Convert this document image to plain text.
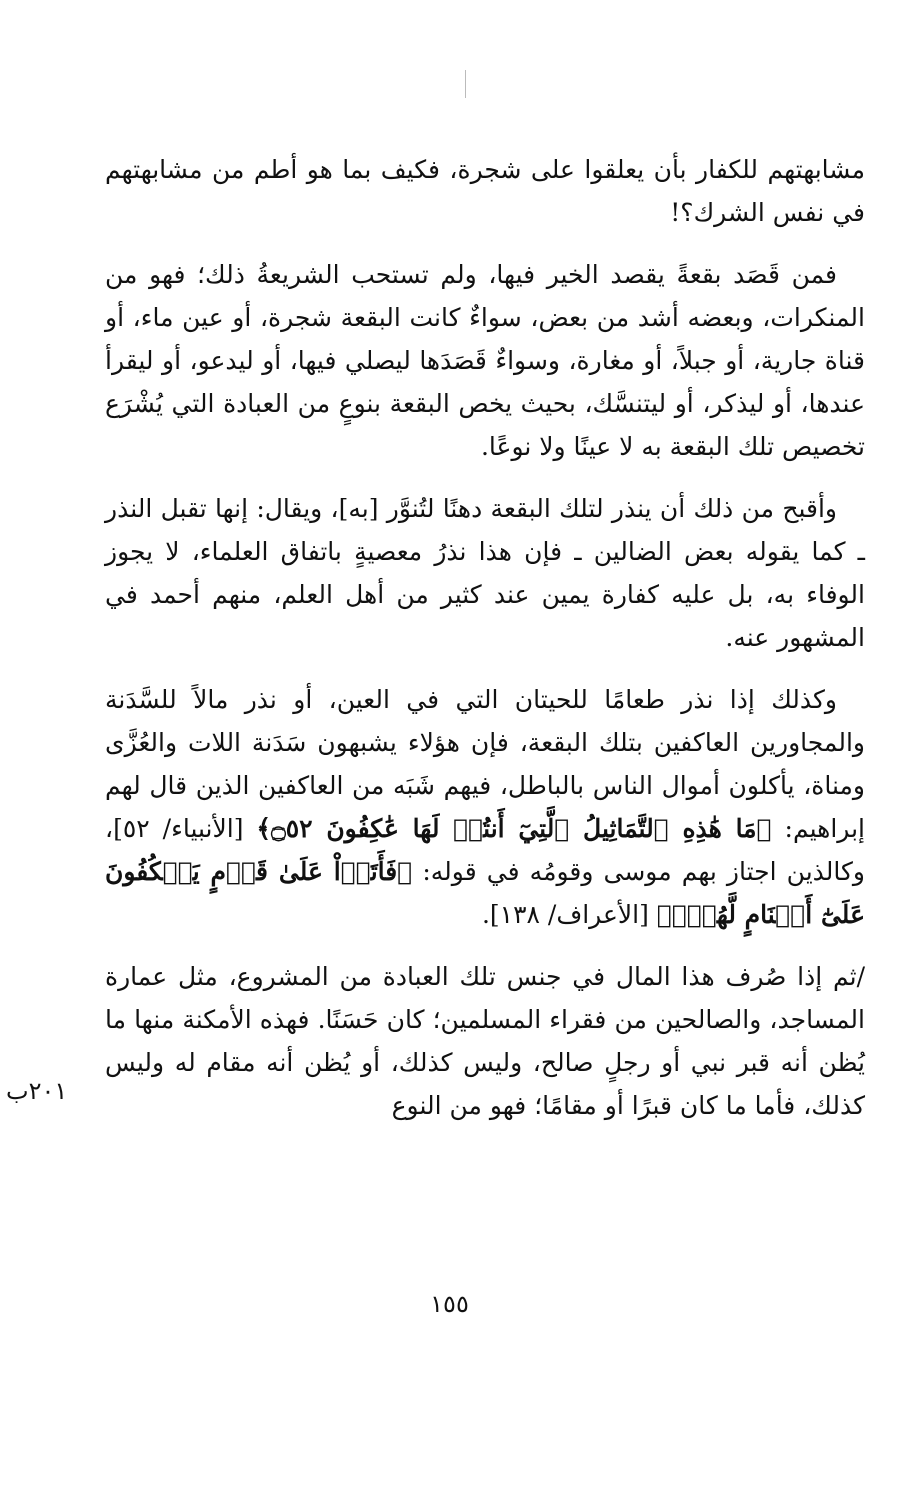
مشابهتهم للكفار بأن يعلقوا على شجرة، فكيف بما هو أطم من مشابهتهم في نفس الشرك؟!

فمن قَصَد بقعةً يقصد الخير فيها، ولم تستحب الشريعةُ ذلك؛ فهو من المنكرات، وبعضه أشد من بعض، سواءٌ كانت البقعة شجرة، أو عين ماء، أو قناة جارية، أو جبلاً، أو مغارة، وسواءٌ قَصَدَها ليصلي فيها، أو ليدعو، أو ليقرأ عندها، أو ليذكر، أو ليتنسَّك، بحيث يخص البقعة بنوعٍ من العبادة التي يُشْرَع تخصيص تلك البقعة به لا عينًا ولا نوعًا.

وأقبح من ذلك أن ينذر لتلك البقعة دهنًا لتُنوَّر [به]، ويقال: إنها تقبل النذر ـ كما يقوله بعض الضالين ـ فإن هذا نذرُ معصيةٍ باتفاق العلماء، لا يجوز الوفاء به، بل عليه كفارة يمين عند كثير من أهل العلم، منهم أحمد في المشهور عنه.

وكذلك إذا نذر طعامًا للحيتان التي في العين، أو نذر مالاً للسَّدَنة والمجاورين العاكفين بتلك البقعة، فإن هؤلاء يشبهون سَدَنة اللات والعُزَّى ومناة، يأكلون أموال الناس بالباطل، فيهم شَبَه من العاكفين الذين قال لهم إبراهيم: ﴿مَا هَٰذِهِ ٱلتَّمَاثِيلُ ٱلَّتِيٓ أَنتُمۡ لَهَا عَٰكِفُونَ ۝٥٢﴾ [الأنبياء/ ٥٢]، وكالذين اجتاز بهم موسى وقومُه في قوله: ﴿فَأَتَوۡاْ عَلَىٰ قَوۡمٍ يَعۡكُفُونَ عَلَىٰٓ أَصۡنَامٍ لَّهُمۡۚ﴾ [الأعراف/ ١٣٨].

/ثم إذا صُرف هذا المال في جنس تلك العبادة من المشروع، مثل عمارة المساجد، والصالحين من فقراء المسلمين؛ كان حَسَنًا. فهذه الأمكنة منها ما يُظن أنه قبر نبي أو رجلٍ صالح، وليس كذلك، أو يُظن أنه مقام له وليس كذلك، فأما ما كان قبرًا أو مقامًا؛ فهو من النوع

٢٠١ب
١٥٥
